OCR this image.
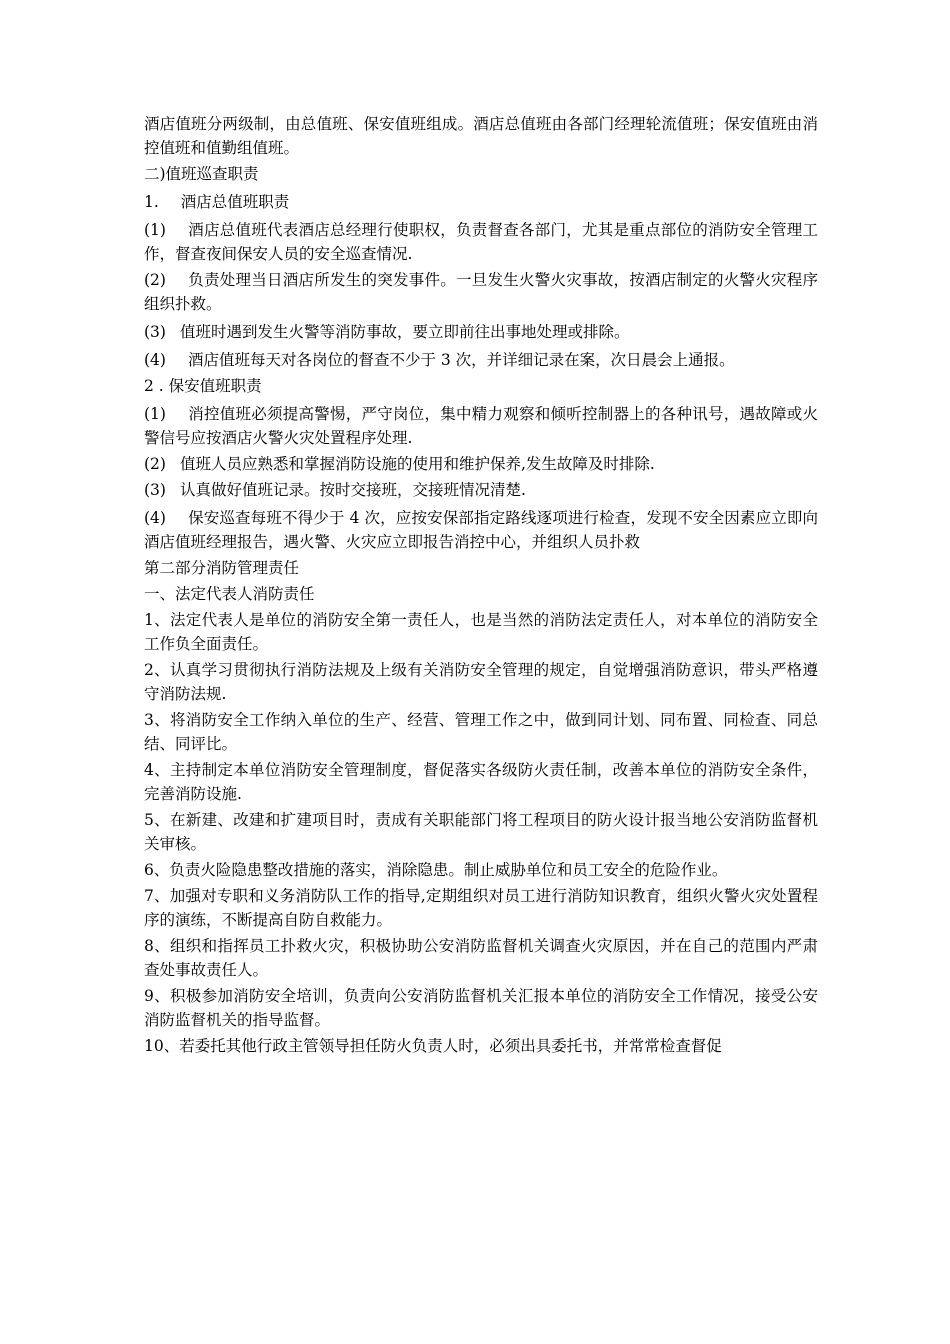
酒店值班分两级制，由总值班、保安值班组成。酒店总值班由各部门经理轮流值班；保安值班由消控值班和值勤组值班。

二)值班巡查职责

1. 酒店总值班职责

(1) 酒店总值班代表酒店总经理行使职权，负责督查各部门，尤其是重点部位的消防安全管理工作，督查夜间保安人员的安全巡查情况.

(2) 负责处理当日酒店所发生的突发事件。一旦发生火警火灾事故，按酒店制定的火警火灾程序组织扑救。

(3) 值班时遇到发生火警等消防事故，要立即前往出事地处理或排除。

(4) 酒店值班每天对各岗位的督查不少于 3 次，并详细记录在案，次日晨会上通报。

2 . 保安值班职责

(1) 消控值班必须提高警惕，严守岗位，集中精力观察和倾听控制器上的各种讯号，遇故障或火警信号应按酒店火警火灾处置程序处理.

(2) 值班人员应熟悉和掌握消防设施的使用和维护保养,发生故障及时排除.

(3) 认真做好值班记录。按时交接班，交接班情况清楚.

(4) 保安巡查每班不得少于 4 次，应按安保部指定路线逐项进行检查，发现不安全因素应立即向酒店值班经理报告，遇火警、火灾应立即报告消控中心，并组织人员扑救

第二部分消防管理责任

一、法定代表人消防责任

1、法定代表人是单位的消防安全第一责任人，也是当然的消防法定责任人，对本单位的消防安全工作负全面责任。

2、认真学习贯彻执行消防法规及上级有关消防安全管理的规定，自觉增强消防意识，带头严格遵守消防法规.

3、将消防安全工作纳入单位的生产、经营、管理工作之中，做到同计划、同布置、同检查、同总结、同评比。

4、主持制定本单位消防安全管理制度，督促落实各级防火责任制，改善本单位的消防安全条件，完善消防设施.

5、在新建、改建和扩建项目时，责成有关职能部门将工程项目的防火设计报当地公安消防监督机关审核。

6、负责火险隐患整改措施的落实，消除隐患。制止威胁单位和员工安全的危险作业。

7、加强对专职和义务消防队工作的指导,定期组织对员工进行消防知识教育，组织火警火灾处置程序的演练，不断提高自防自救能力。

8、组织和指挥员工扑救火灾，积极协助公安消防监督机关调查火灾原因，并在自己的范围内严肃查处事故责任人。

9、积极参加消防安全培训，负责向公安消防监督机关汇报本单位的消防安全工作情况，接受公安消防监督机关的指导监督。

10、若委托其他行政主管领导担任防火负责人时，必须出具委托书，并常常检查督促
